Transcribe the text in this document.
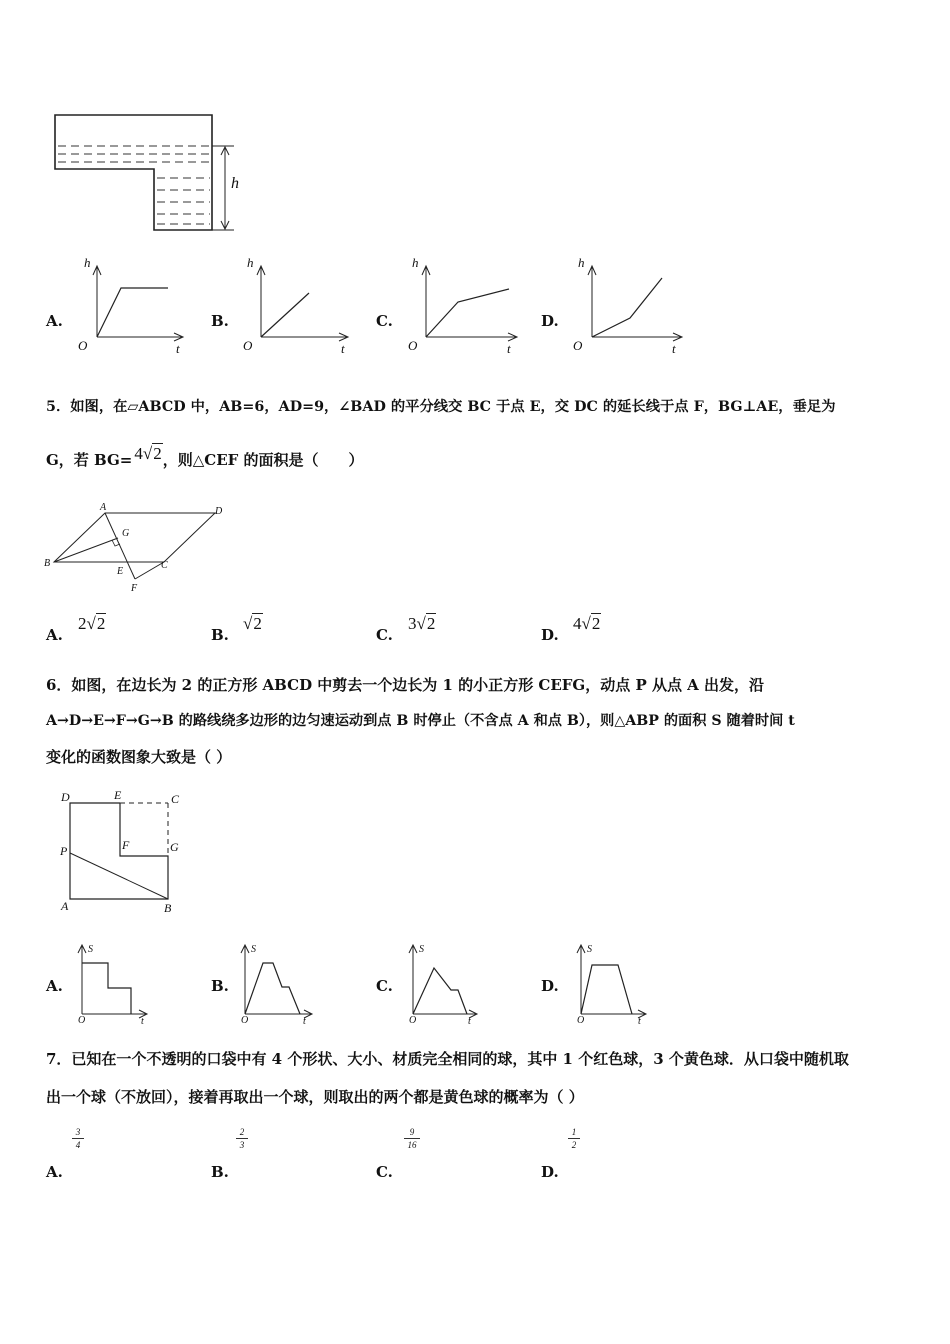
h
A.
h
O	t
B.
h
O	t
C.
h
O	t
D.
h
O	t
5．如图，在▱ABCD 中，AB=6，AD=9，∠BAD 的平分线交 BC 于点 E，交 DC 的延长线于点 F，BG⊥AE，垂足为
G，若 BG= 4√2，则△CEF 的面积是（　　）
A	D
G
B
E
C
F
A.
2√2
B.
√2
C.
3√2
D.
4√2
6．如图，在边长为 2 的正方形 ABCD 中剪去一个边长为 1 的小正方形 CEFG，动点 P 从点 A 出发，沿
A→D→E→F→G→B 的路线绕多边形的边匀速运动到点 B 时停止（不含点 A 和点 B），则△ABP 的面积 S 随着时间 t
变化的函数图象大致是（ ）
D	E	C
P	F	G
A	B
A.
S
O	t
B.
S
O	t
C.
S
O	t
D.
S
O	t
7．已知在一个不透明的口袋中有 4 个形状、大小、材质完全相同的球，其中 1 个红色球，3 个黄色球．从口袋中随机取
出一个球（不放回），接着再取出一个球，则取出的两个都是黄色球的概率为（ ）
3
4
A.
2
3
B.
9
16
C.
1
2
D.
